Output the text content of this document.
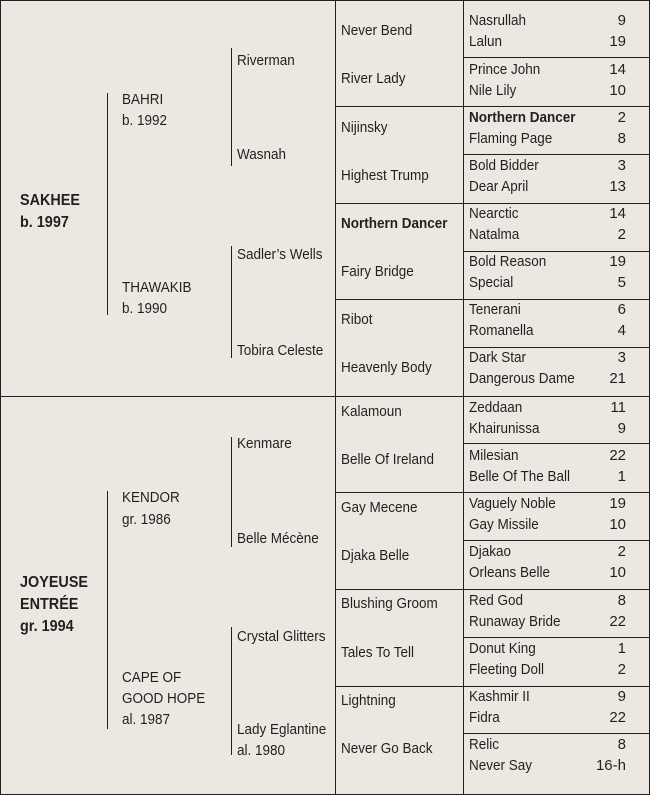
SAKHEE
b. 1997
BAHRI
b. 1992
THAWAKIB
b. 1990
Riverman
Wasnah
Sadler’s Wells
Tobira Celeste
Never Bend
River Lady
Nijinsky
Highest Trump
Northern Dancer
Fairy Bridge
Ribot
Heavenly Body
Nasrullah
Lalun
Prince John
Nile Lily
Northern Dancer
Flaming Page
Bold Bidder
Dear April
Nearctic
Natalma
Bold Reason
Special
Tenerani
Romanella
Dark Star
Dangerous Dame
9
19
14
10
2
8
3
13
14
2
19
5
6
4
3
21
JOYEUSE
ENTRÉE
gr. 1994
KENDOR
gr. 1986
CAPE OF
GOOD HOPE
al. 1987
Kenmare
Belle Mécène
Crystal Glitters
Lady Eglantine
al. 1980
Kalamoun
Belle Of Ireland
Gay Mecene
Djaka Belle
Blushing Groom
Tales To Tell
Lightning
Never Go Back
Zeddaan
Khairunissa
Milesian
Belle Of The Ball
Vaguely Noble
Gay Missile
Djakao
Orleans Belle
Red God
Runaway Bride
Donut King
Fleeting Doll
Kashmir II
Fidra
Relic
Never Say
11
9
22
1
19
10
2
10
8
22
1
2
9
22
8
16-h
